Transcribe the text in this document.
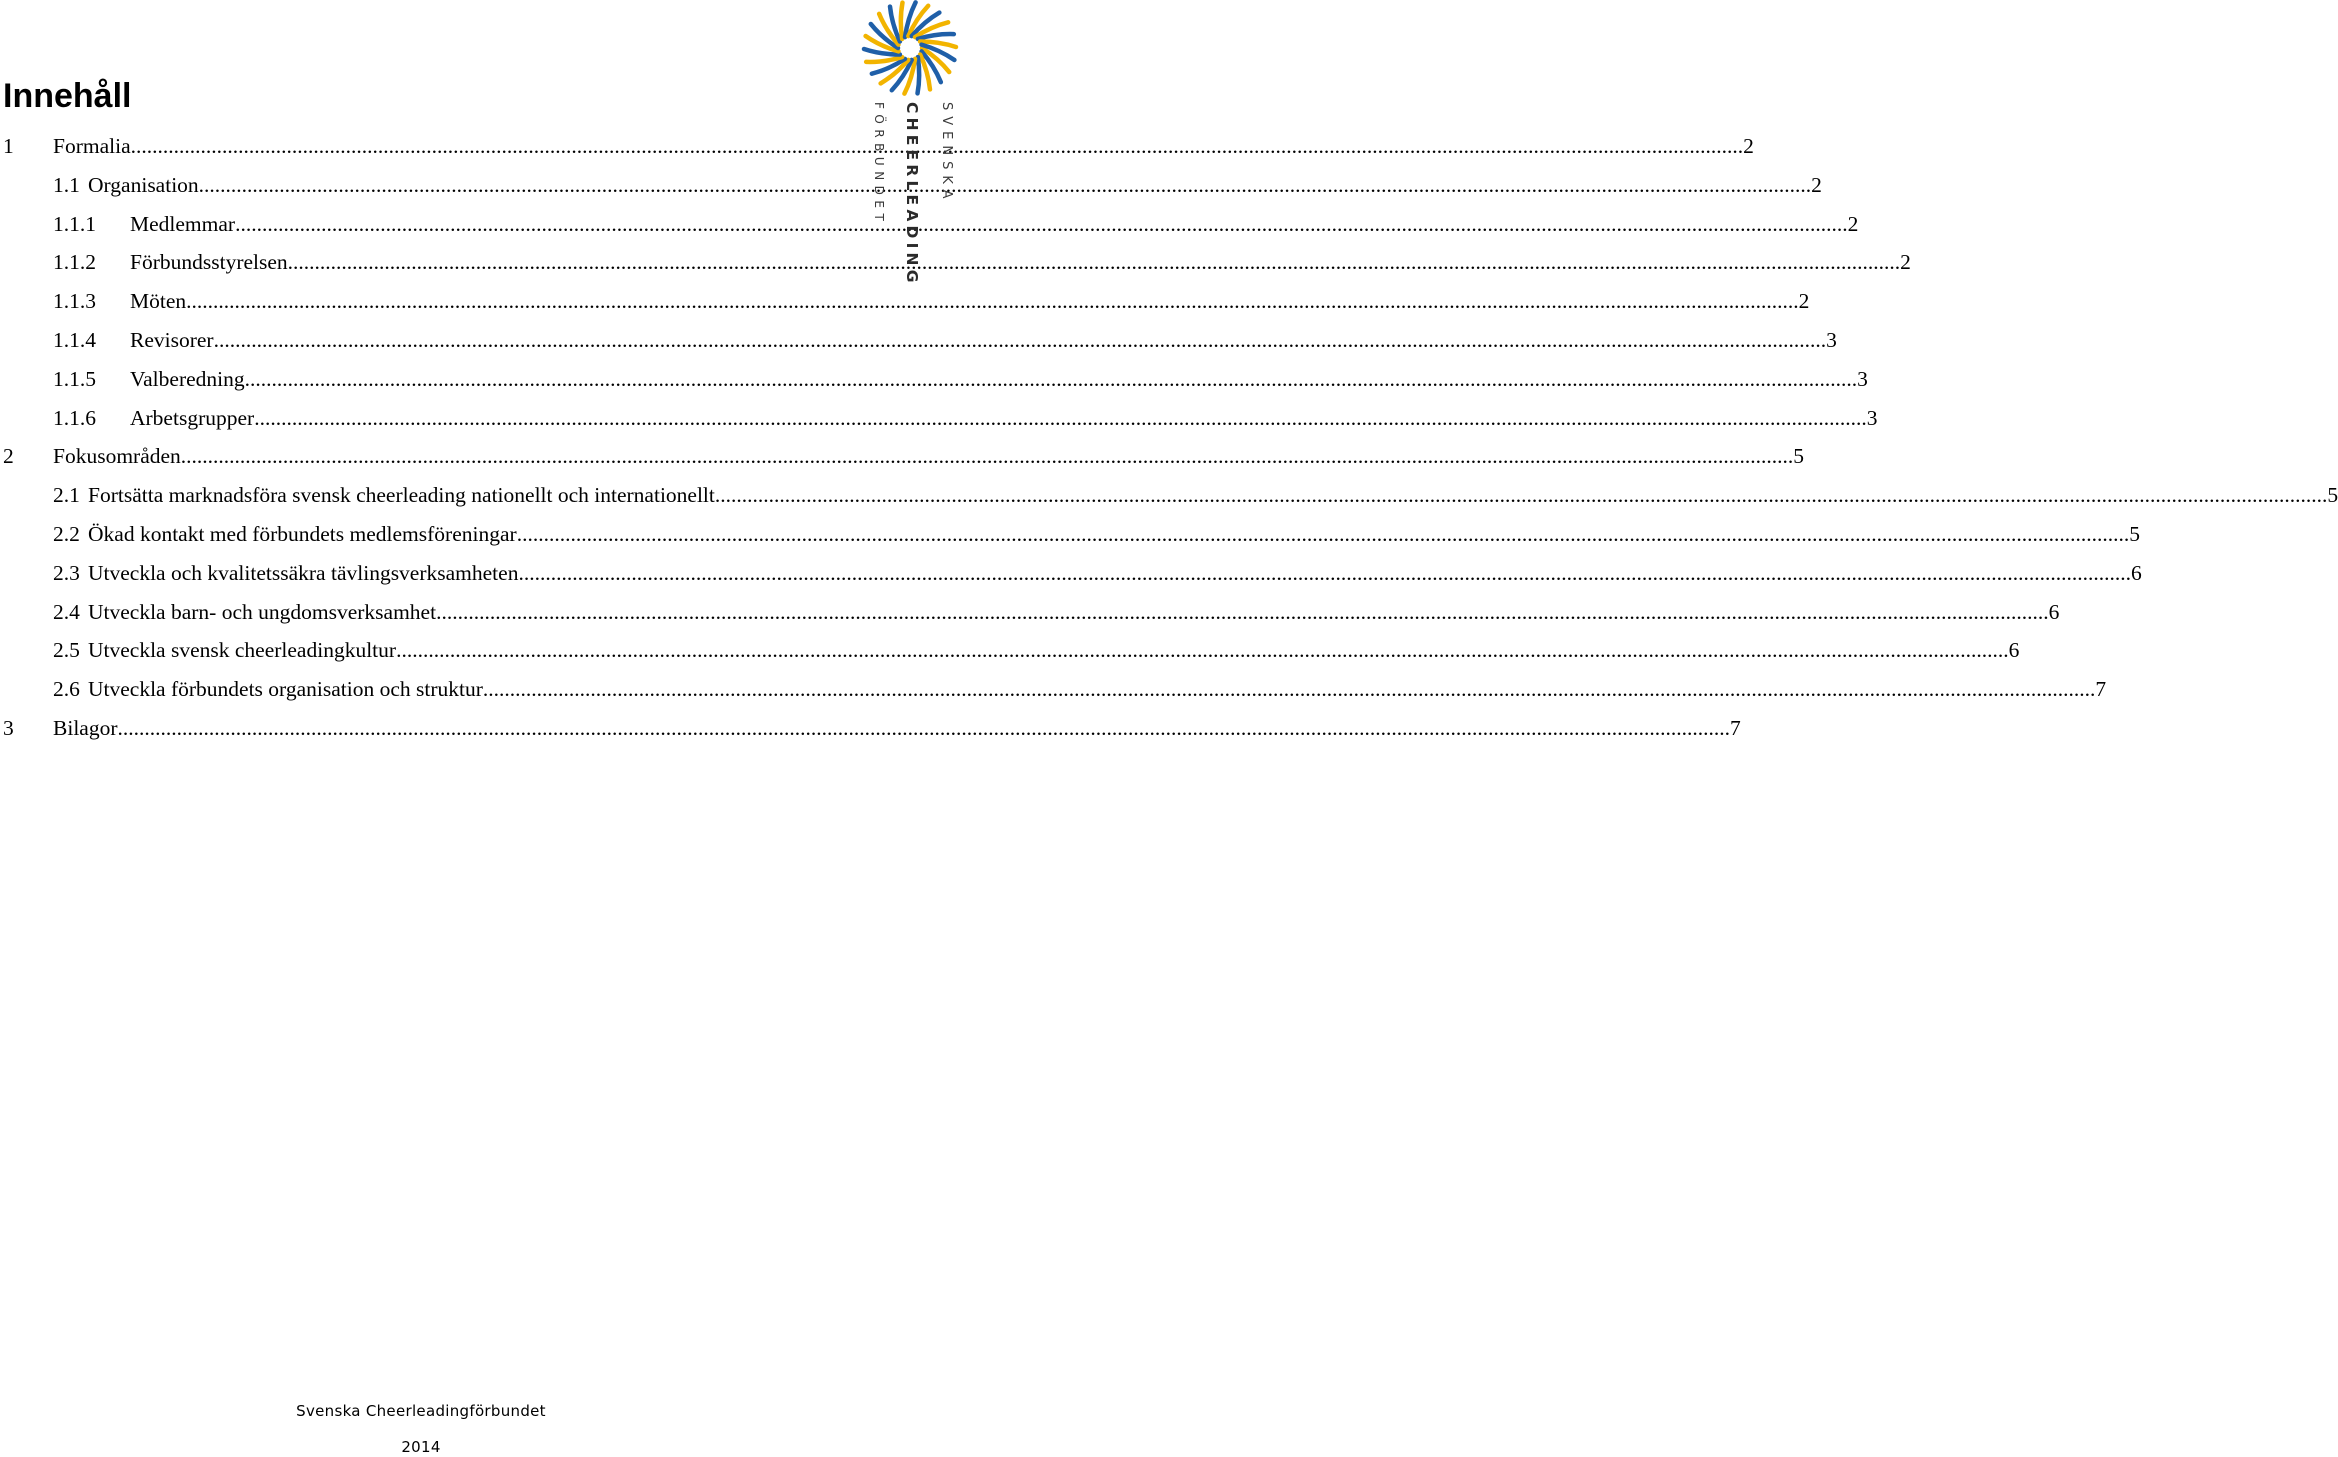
Innehåll
1 Formalia ............................................................................................................................................................................................................................................................................................................ 2
1.1 Organisation ............................................................................................................................................................................................................................................................................................................ 2
1.1.1 Medlemmar ............................................................................................................................................................................................................................................................................................................ 2
1.1.2 Förbundsstyrelsen ............................................................................................................................................................................................................................................................................................................ 2
1.1.3 Möten ............................................................................................................................................................................................................................................................................................................ 2
1.1.4 Revisorer ............................................................................................................................................................................................................................................................................................................ 3
1.1.5 Valberedning ............................................................................................................................................................................................................................................................................................................ 3
1.1.6 Arbetsgrupper ............................................................................................................................................................................................................................................................................................................ 3
2 Fokusområden ............................................................................................................................................................................................................................................................................................................ 5
2.1 Fortsätta marknadsföra svensk cheerleading nationellt och internationellt ............................................................................................................................................................................................................................................................................................................ 5
2.2 Ökad kontakt med förbundets medlemsföreningar ............................................................................................................................................................................................................................................................................................................ 5
2.3 Utveckla och kvalitetssäkra tävlingsverksamheten ............................................................................................................................................................................................................................................................................................................ 6
2.4 Utveckla barn- och ungdomsverksamhet ............................................................................................................................................................................................................................................................................................................ 6
2.5 Utveckla svensk cheerleadingkultur ............................................................................................................................................................................................................................................................................................................ 6
2.6 Utveckla förbundets organisation och struktur ............................................................................................................................................................................................................................................................................................................ 7
3 Bilagor ............................................................................................................................................................................................................................................................................................................ 7
SVENSKA
CHEERLEADING
FÖRBUNDET
Svenska Cheerleadingförbundet
2014
